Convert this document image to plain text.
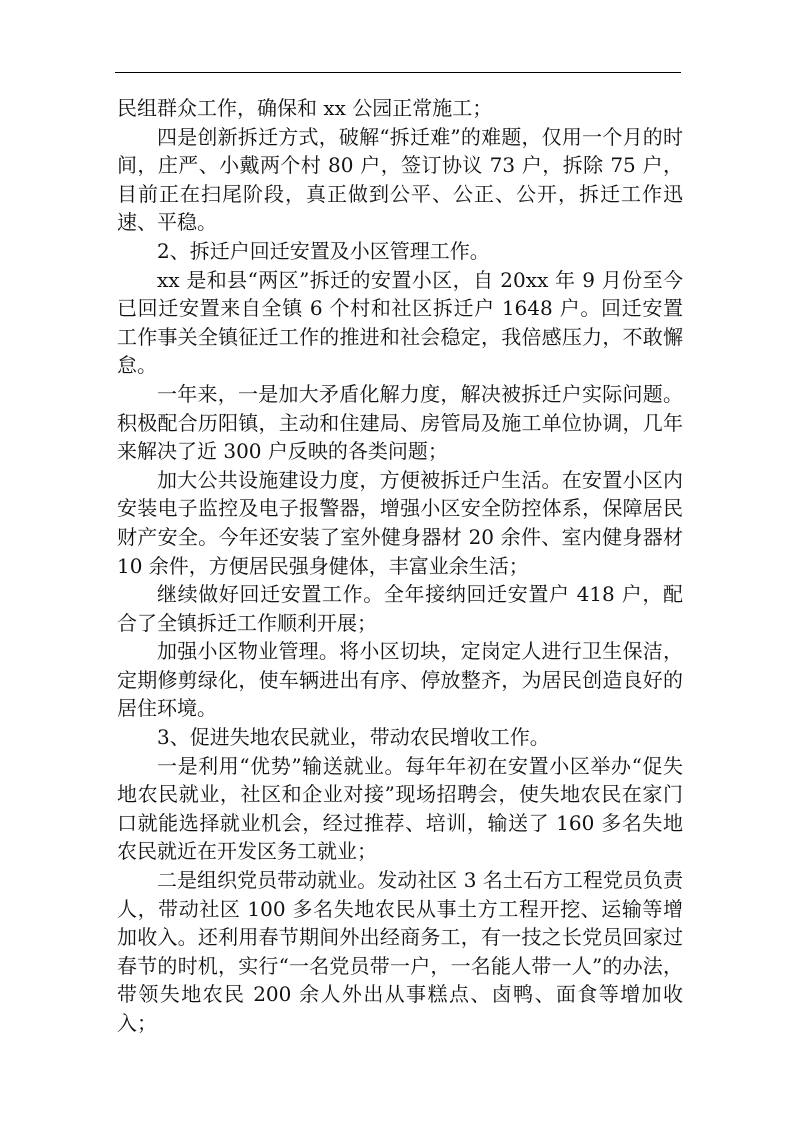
民组群众工作，确保和 xx 公园正常施工；

四是创新拆迁方式，破解“拆迁难”的难题，仅用一个月的时间，庄严、小戴两个村 80 户，签订协议 73 户，拆除 75 户，目前正在扫尾阶段，真正做到公平、公正、公开，拆迁工作迅速、平稳。

2、拆迁户回迁安置及小区管理工作。

xx 是和县“两区”拆迁的安置小区，自 20xx 年 9 月份至今已回迁安置来自全镇 6 个村和社区拆迁户 1648 户。回迁安置工作事关全镇征迁工作的推进和社会稳定，我倍感压力，不敢懈怠。

一年来，一是加大矛盾化解力度，解决被拆迁户实际问题。积极配合历阳镇，主动和住建局、房管局及施工单位协调，几年来解决了近 300 户反映的各类问题；

加大公共设施建设力度，方便被拆迁户生活。在安置小区内安装电子监控及电子报警器，增强小区安全防控体系，保障居民财产安全。今年还安装了室外健身器材 20 余件、室内健身器材 10 余件，方便居民强身健体，丰富业余生活；

继续做好回迁安置工作。全年接纳回迁安置户 418 户，配合了全镇拆迁工作顺利开展；

加强小区物业管理。将小区切块，定岗定人进行卫生保洁，定期修剪绿化，使车辆进出有序、停放整齐，为居民创造良好的居住环境。

3、促进失地农民就业，带动农民增收工作。

一是利用“优势”输送就业。每年年初在安置小区举办“促失地农民就业，社区和企业对接”现场招聘会，使失地农民在家门口就能选择就业机会，经过推荐、培训，输送了 160 多名失地农民就近在开发区务工就业；

二是组织党员带动就业。发动社区 3 名土石方工程党员负责人，带动社区 100 多名失地农民从事土方工程开挖、运输等增加收入。还利用春节期间外出经商务工，有一技之长党员回家过春节的时机，实行“一名党员带一户，一名能人带一人”的办法，带领失地农民 200 余人外出从事糕点、卤鸭、面食等增加收入；
